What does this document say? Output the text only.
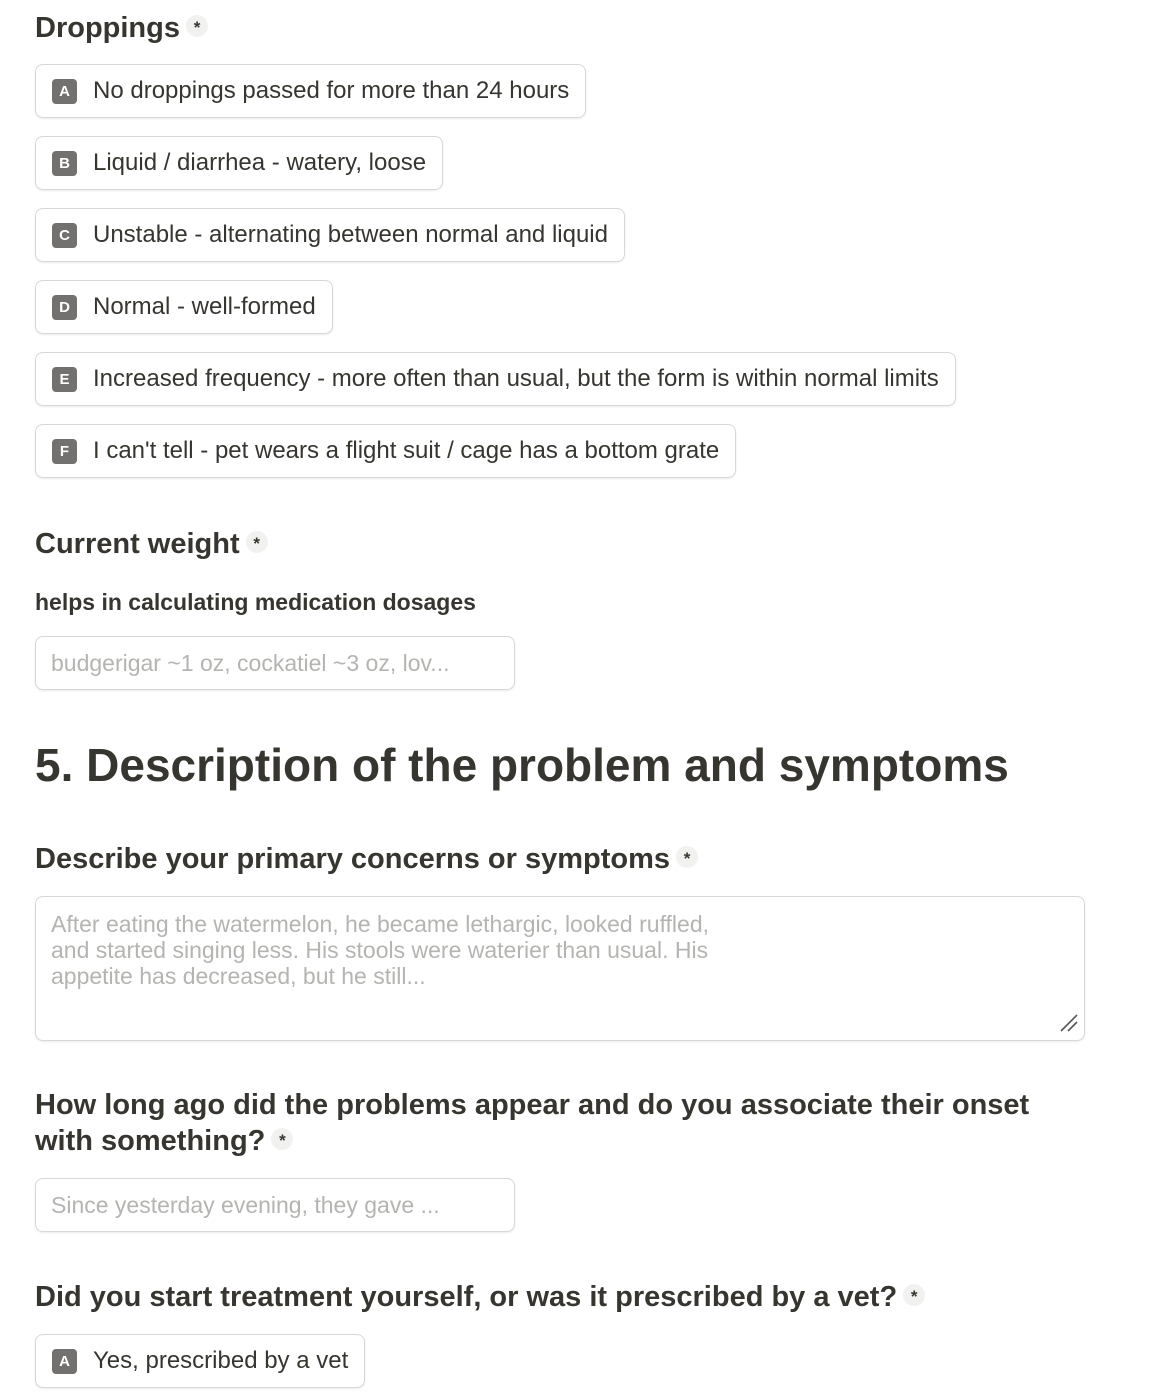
Droppings *
A No droppings passed for more than 24 hours
B Liquid / diarrhea - watery, loose
C Unstable - alternating between normal and liquid
D Normal - well-formed
E Increased frequency - more often than usual, but the form is within normal limits
F I can't tell - pet wears a flight suit / cage has a bottom grate
Current weight *
helps in calculating medication dosages
budgerigar ~1 oz, cockatiel ~3 oz, lov...
5. Description of the problem and symptoms
Describe your primary concerns or symptoms *
After eating the watermelon, he became lethargic, looked ruffled, and started singing less. His stools were waterier than usual. His appetite has decreased, but he still...
How long ago did the problems appear and do you associate their onset
with something? *
Since yesterday evening, they gave ...
Did you start treatment yourself, or was it prescribed by a vet? *
A Yes, prescribed by a vet
